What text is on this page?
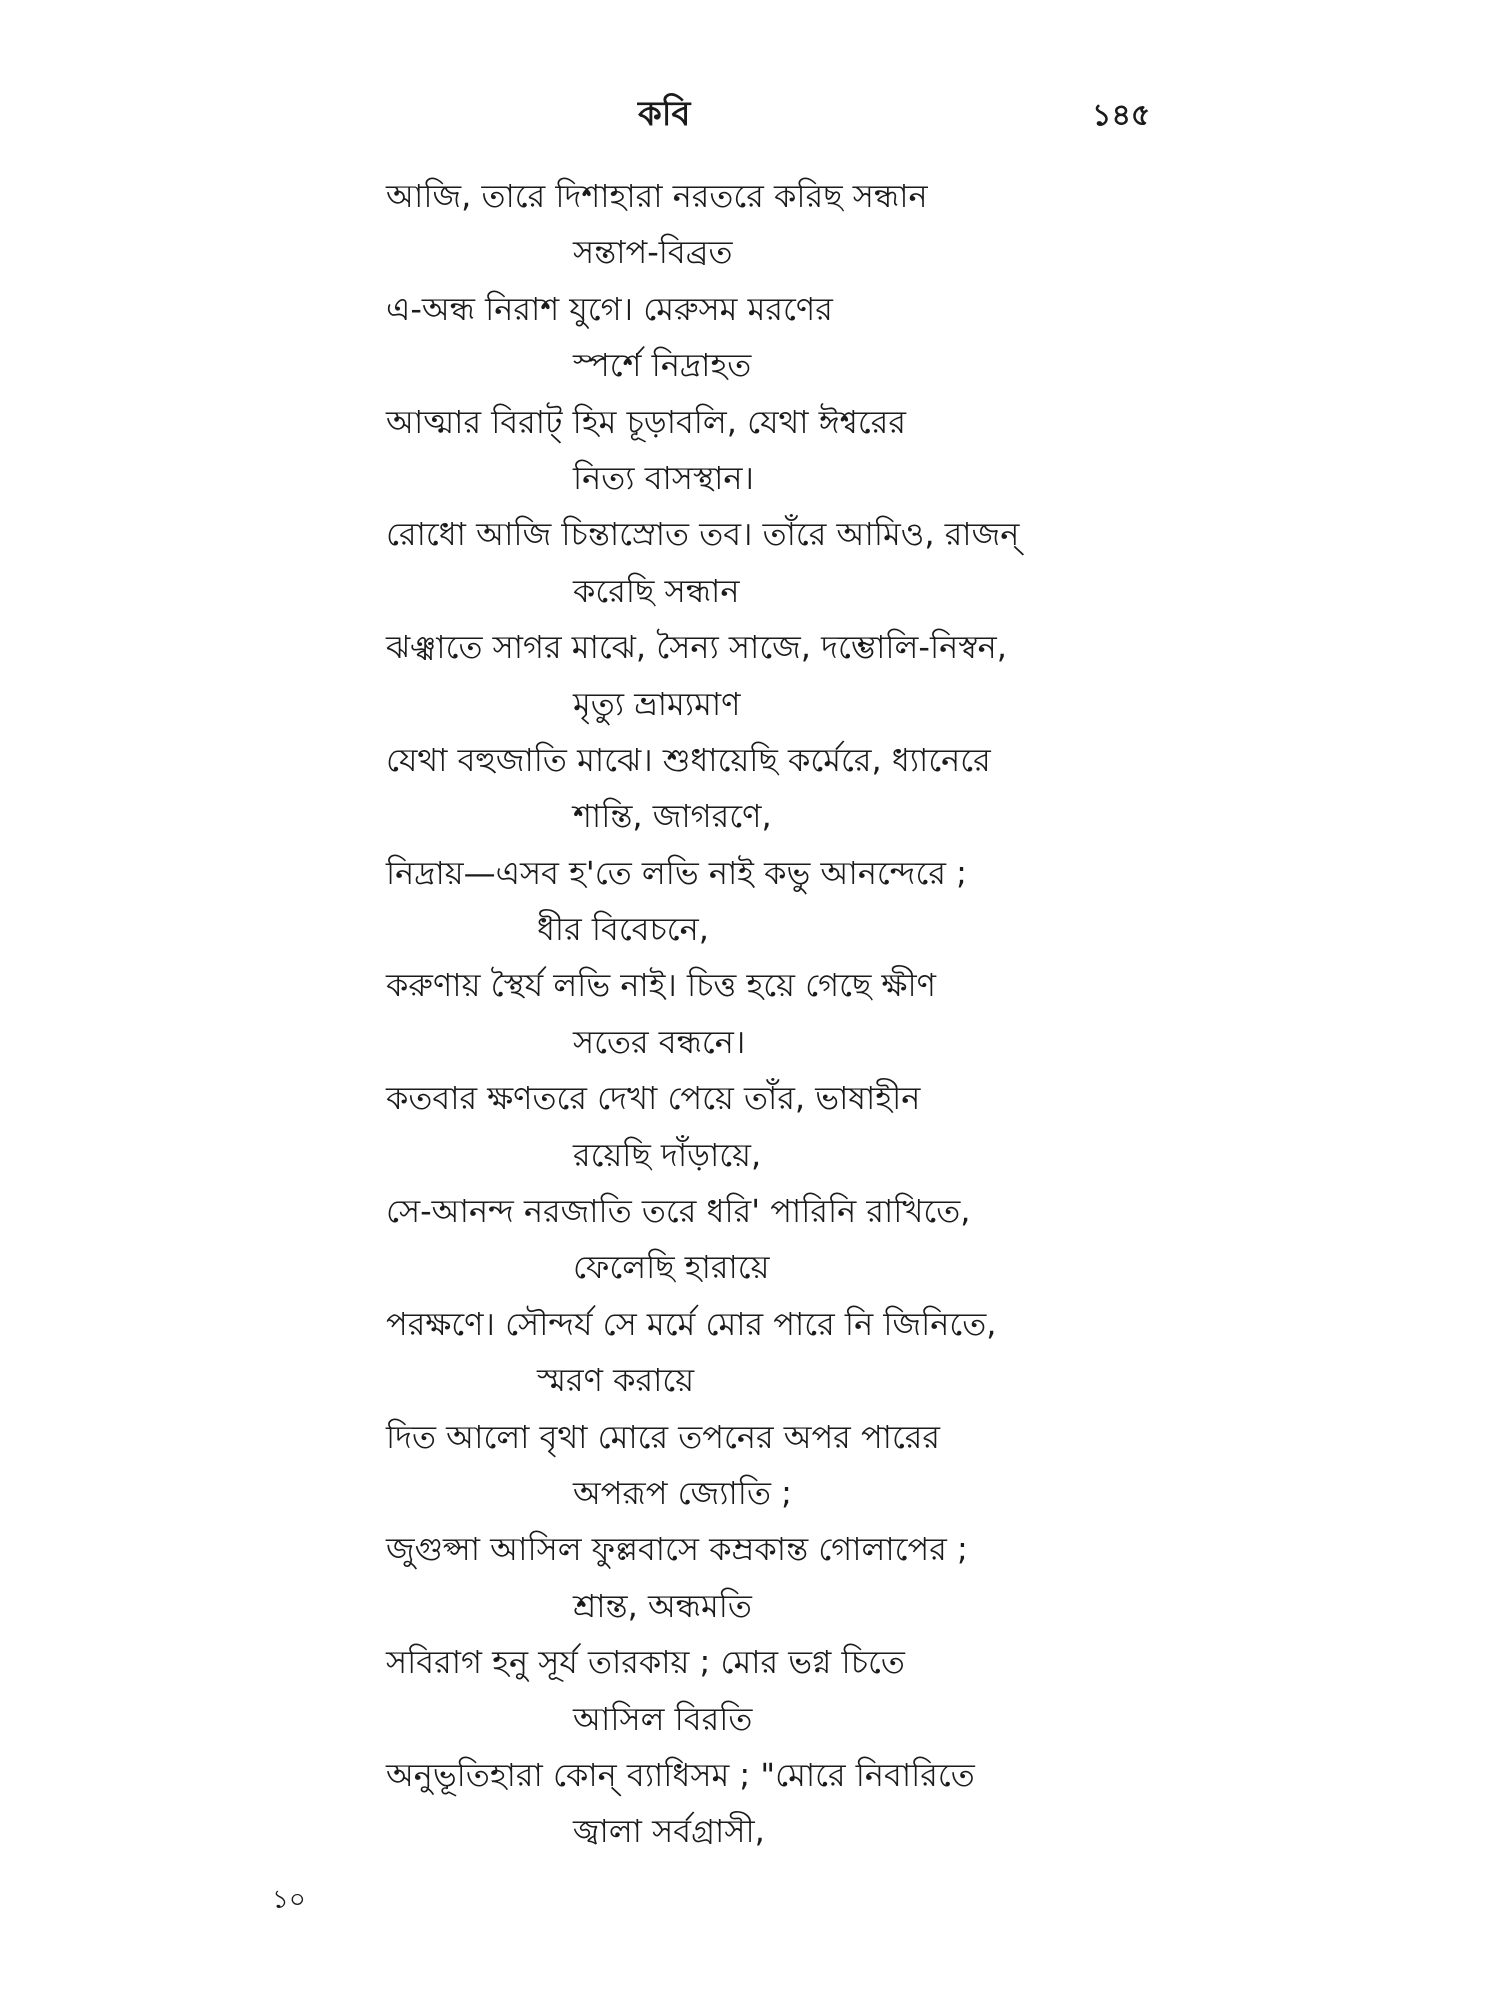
কবি	১৪৫
আজি, তারে দিশাহারা নরতরে করিছ সন্ধান
সন্তাপ-বিব্রত
এ-অন্ধ নিরাশ যুগে। মেরুসম মরণের
স্পর্শে নিদ্রাহত
আত্মার বিরাট্‌ হিম চূড়াবলি, যেথা ঈশ্বরের
নিত্য বাসস্থান।
রোধো আজি চিন্তাস্রোত তব। তাঁরে আমিও, রাজন্‌
করেছি সন্ধান
ঝঞ্ঝাতে সাগর মাঝে, সৈন্য সাজে, দম্ভোলি-নিস্বন,
মৃত্যু ভ্রাম্যমাণ
যেথা বহুজাতি মাঝে। শুধায়েছি কর্মেরে, ধ্যানেরে
শান্তি, জাগরণে,
নিদ্রায়—এসব হ'তে লভি নাই কভু আনন্দেরে ;
ধীর বিবেচনে,
করুণায় স্থৈর্য লভি নাই। চিত্ত হয়ে গেছে ক্ষীণ
সতের বন্ধনে।
কতবার ক্ষণতরে দেখা পেয়ে তাঁর, ভাষাহীন
রয়েছি দাঁড়ায়ে,
সে-আনন্দ নরজাতি তরে ধরি' পারিনি রাখিতে,
ফেলেছি হারায়ে
পরক্ষণে। সৌন্দর্য সে মর্মে মোর পারে নি জিনিতে,
স্মরণ করায়ে
দিত আলো বৃথা মোরে তপনের অপর পারের
অপরূপ জ্যোতি ;
জুগুপ্সা আসিল ফুল্লবাসে কম্রকান্ত গোলাপের ;
শ্রান্ত, অন্ধমতি
সবিরাগ হনু সূর্য তারকায় ; মোর ভগ্ন চিতে
আসিল বিরতি
অনুভূতিহারা কোন্‌ ব্যাধিসম ; "মোরে নিবারিতে
জ্বালা সর্বগ্রাসী,
১০
